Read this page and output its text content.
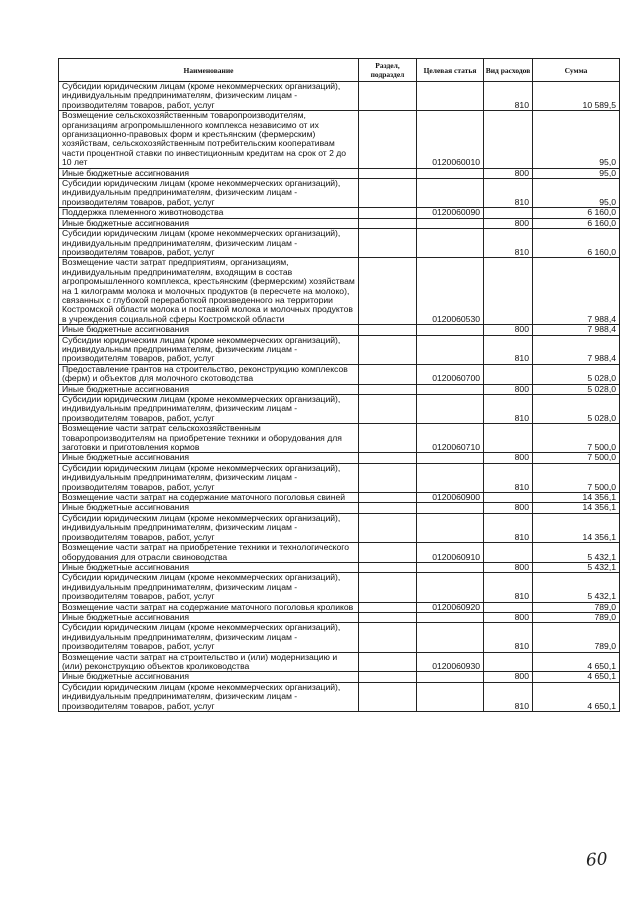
Наименование	Раздел, подраздел	Целевая статья	Вид расходов	Сумма
Субсидии юридическим лицам (кроме некоммерческих организаций), индивидуальным предпринимателям, физическим лицам - производителям товаров, работ, услуг			810	10 589,5
Возмещение сельскохозяйственным товаропроизводителям, организациям агропромышленного комплекса независимо от их организационно-правовых форм и крестьянским (фермерским) хозяйствам, сельскохозяйственным потребительским кооперативам части процентной ставки по инвестиционным кредитам на срок от 2 до 10 лет		0120060010		95,0
Иные бюджетные ассигнования			800	95,0
Субсидии юридическим лицам (кроме некоммерческих организаций), индивидуальным предпринимателям, физическим лицам - производителям товаров, работ, услуг			810	95,0
Поддержка племенного животноводства		0120060090		6 160,0
Иные бюджетные ассигнования			800	6 160,0
Субсидии юридическим лицам (кроме некоммерческих организаций), индивидуальным предпринимателям, физическим лицам - производителям товаров, работ, услуг			810	6 160,0
Возмещение части затрат предприятиям, организациям, индивидуальным предпринимателям, входящим в состав агропромышленного комплекса, крестьянским (фермерским) хозяйствам на 1 килограмм молока и молочных продуктов (в пересчете на молоко), связанных с глубокой переработкой произведенного на территории Костромской области молока и поставкой молока и молочных продуктов в учреждения социальной сферы Костромской области		0120060530		7 988,4
Иные бюджетные ассигнования			800	7 988,4
Субсидии юридическим лицам (кроме некоммерческих организаций), индивидуальным предпринимателям, физическим лицам - производителям товаров, работ, услуг			810	7 988,4
Предоставление грантов на строительство, реконструкцию комплексов (ферм) и объектов для молочного скотоводства		0120060700		5 028,0
Иные бюджетные ассигнования			800	5 028,0
Субсидии юридическим лицам (кроме некоммерческих организаций), индивидуальным предпринимателям, физическим лицам - производителям товаров, работ, услуг			810	5 028,0
Возмещение части затрат сельскохозяйственным товаропроизводителям на приобретение техники и оборудования для заготовки и приготовления кормов		0120060710		7 500,0
Иные бюджетные ассигнования			800	7 500,0
Субсидии юридическим лицам (кроме некоммерческих организаций), индивидуальным предпринимателям, физическим лицам - производителям товаров, работ, услуг			810	7 500,0
Возмещение части затрат на содержание маточного поголовья свиней		0120060900		14 356,1
Иные бюджетные ассигнования			800	14 356,1
Субсидии юридическим лицам (кроме некоммерческих организаций), индивидуальным предпринимателям, физическим лицам - производителям товаров, работ, услуг			810	14 356,1
Возмещение части затрат на приобретение техники и технологического оборудования для отрасли свиноводства		0120060910		5 432,1
Иные бюджетные ассигнования			800	5 432,1
Субсидии юридическим лицам (кроме некоммерческих организаций), индивидуальным предпринимателям, физическим лицам - производителям товаров, работ, услуг			810	5 432,1
Возмещение части затрат на содержание маточного поголовья кроликов		0120060920		789,0
Иные бюджетные ассигнования			800	789,0
Субсидии юридическим лицам (кроме некоммерческих организаций), индивидуальным предпринимателям, физическим лицам - производителям товаров, работ, услуг			810	789,0
Возмещение части затрат на строительство и (или) модернизацию и (или) реконструкцию объектов кролиководства		0120060930		4 650,1
Иные бюджетные ассигнования			800	4 650,1
Субсидии юридическим лицам (кроме некоммерческих организаций), индивидуальным предпринимателям, физическим лицам - производителям товаров, работ, услуг			810	4 650,1
60
